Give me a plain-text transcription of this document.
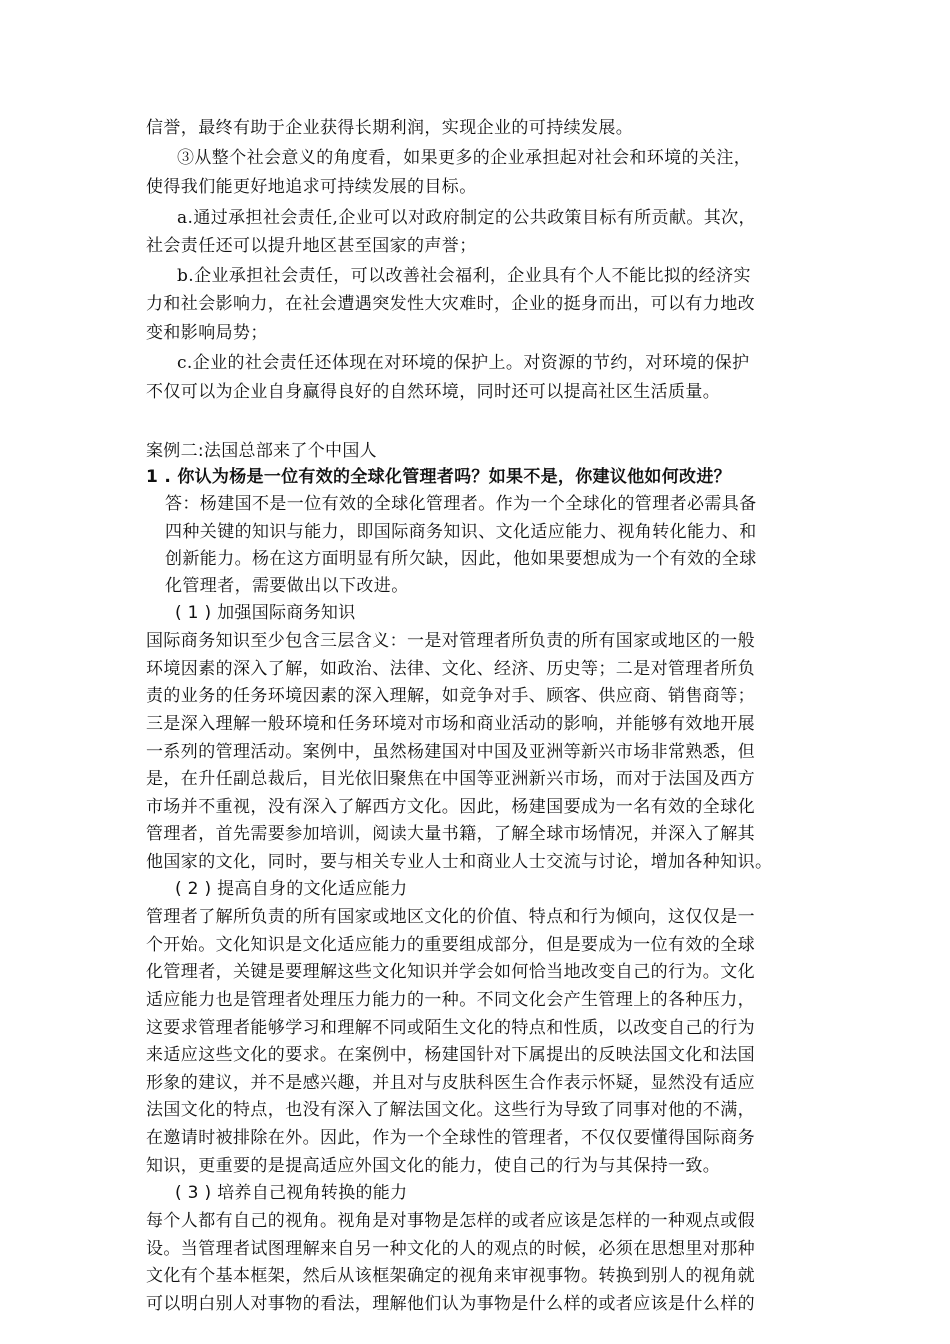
信誉，最终有助于企业获得长期利润，实现企业的可持续发展。
③从整个社会意义的角度看，如果更多的企业承担起对社会和环境的关注，
使得我们能更好地追求可持续发展的目标。
a.通过承担社会责任,企业可以对政府制定的公共政策目标有所贡献。其次，
社会责任还可以提升地区甚至国家的声誉；
b.企业承担社会责任，可以改善社会福利，企业具有个人不能比拟的经济实
力和社会影响力，在社会遭遇突发性大灾难时，企业的挺身而出，可以有力地改
变和影响局势；
c.企业的社会责任还体现在对环境的保护上。对资源的节约，对环境的保护
不仅可以为企业自身赢得良好的自然环境，同时还可以提高社区生活质量。
案例二:法国总部来了个中国人
1 . 你认为杨是一位有效的全球化管理者吗？如果不是，你建议他如何改进？
答：杨建国不是一位有效的全球化管理者。作为一个全球化的管理者必需具备
四种关键的知识与能力，即国际商务知识、文化适应能力、视角转化能力、和
创新能力。杨在这方面明显有所欠缺，因此，他如果要想成为一个有效的全球
化管理者，需要做出以下改进。
( 1 ) 加强国际商务知识
国际商务知识至少包含三层含义：一是对管理者所负责的所有国家或地区的一般
环境因素的深入了解，如政治、法律、文化、经济、历史等；二是对管理者所负
责的业务的任务环境因素的深入理解，如竞争对手、顾客、供应商、销售商等；
三是深入理解一般环境和任务环境对市场和商业活动的影响，并能够有效地开展
一系列的管理活动。案例中，虽然杨建国对中国及亚洲等新兴市场非常熟悉，但
是，在升任副总裁后，目光依旧聚焦在中国等亚洲新兴市场，而对于法国及西方
市场并不重视，没有深入了解西方文化。因此，杨建国要成为一名有效的全球化
管理者，首先需要参加培训，阅读大量书籍，了解全球市场情况，并深入了解其
他国家的文化，同时，要与相关专业人士和商业人士交流与讨论，增加各种知识。
( 2 ) 提高自身的文化适应能力
管理者了解所负责的所有国家或地区文化的价值、特点和行为倾向，这仅仅是一
个开始。文化知识是文化适应能力的重要组成部分，但是要成为一位有效的全球
化管理者，关键是要理解这些文化知识并学会如何恰当地改变自己的行为。文化
适应能力也是管理者处理压力能力的一种。不同文化会产生管理上的各种压力，
这要求管理者能够学习和理解不同或陌生文化的特点和性质，以改变自己的行为
来适应这些文化的要求。在案例中，杨建国针对下属提出的反映法国文化和法国
形象的建议，并不是感兴趣，并且对与皮肤科医生合作表示怀疑，显然没有适应
法国文化的特点，也没有深入了解法国文化。这些行为导致了同事对他的不满，
在邀请时被排除在外。因此，作为一个全球性的管理者，不仅仅要懂得国际商务
知识，更重要的是提高适应外国文化的能力，使自己的行为与其保持一致。
( 3 ) 培养自己视角转换的能力
每个人都有自己的视角。视角是对事物是怎样的或者应该是怎样的一种观点或假
设。当管理者试图理解来自另一种文化的人的观点的时候，必须在思想里对那种
文化有个基本框架，然后从该框架确定的视角来审视事物。转换到别人的视角就
可以明白别人对事物的看法，理解他们认为事物是什么样的或者应该是什么样的
